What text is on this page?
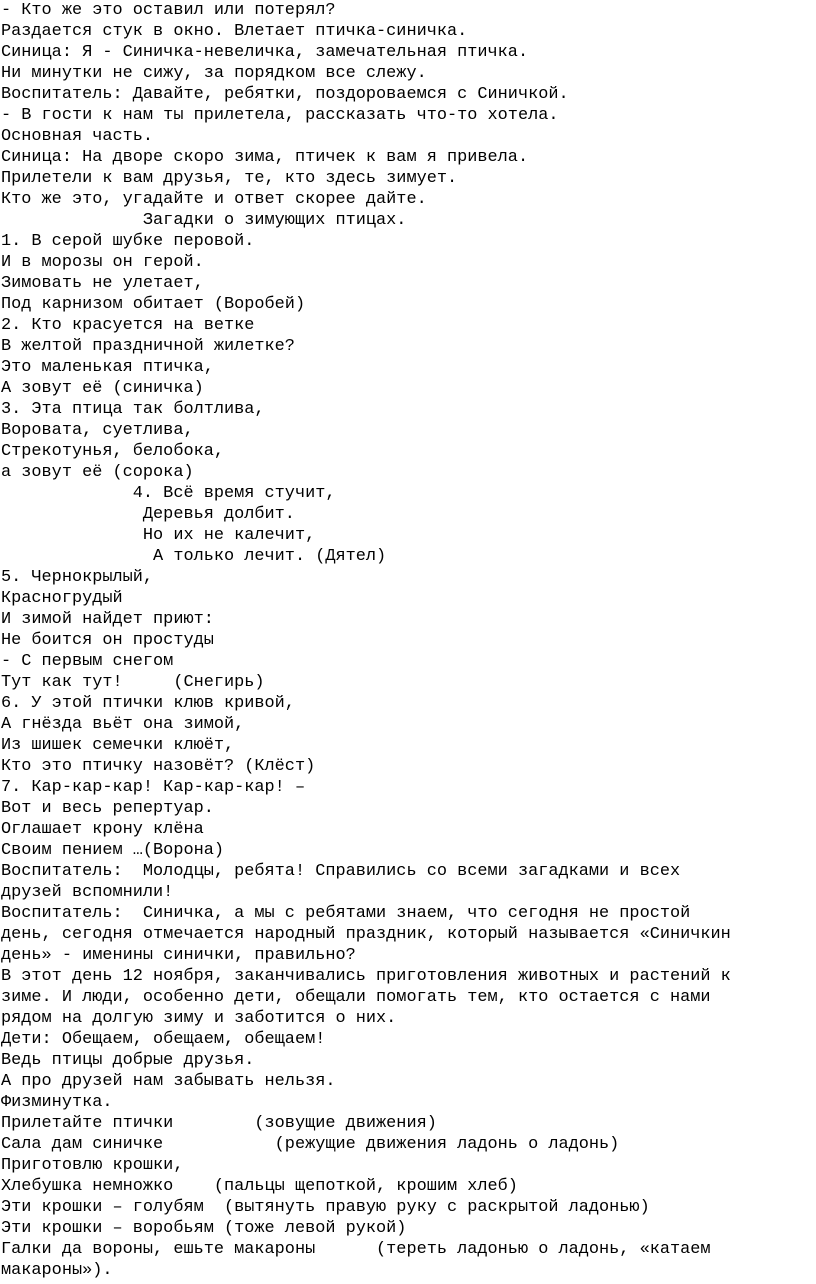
- Кто же это оставил или потерял?
Раздается стук в окно. Влетает птичка-синичка.
Синица: Я - Синичка-невеличка, замечательная птичка.
Ни минутки не сижу, за порядком все слежу.
Воспитатель: Давайте, ребятки, поздороваемся с Синичкой.
- В гости к нам ты прилетела, рассказать что-то хотела.
Основная часть.
Синица: На дворе скоро зима, птичек к вам я привела.
Прилетели к вам друзья, те, кто здесь зимует.
Кто же это, угадайте и ответ скорее дайте.
Загадки о зимующих птицах.
1. В серой шубке перовой.
И в морозы он герой.
Зимовать не улетает,
Под карнизом обитает (Воробей)
2. Кто красуется на ветке
В желтой праздничной жилетке?
Это маленькая птичка,
А зовут её (синичка)
3. Эта птица так болтлива,
Воровата, суетлива,
Стрекотунья, белобока,
а зовут её (сорока)
4. Всё время стучит,
Деревья долбит.
Но их не калечит,
А только лечит. (Дятел)
5. Чернокрылый,
Красногрудый
И зимой найдет приют:
Не боится он простуды
- С первым снегом
Тут как тут!     (Снегирь)
6. У этой птички клюв кривой,
А гнёзда вьёт она зимой,
Из шишек семечки клюёт,
Кто это птичку назовёт? (Клёст)
7. Кар-кар-кар! Кар-кар-кар! –
Вот и весь репертуар.
Оглашает крону клёна
Своим пением …(Ворона)
Воспитатель:  Молодцы, ребята! Справились со всеми загадками и всех
друзей вспомнили!
Воспитатель:  Синичка, а мы с ребятами знаем, что сегодня не простой
день, сегодня отмечается народный праздник, который называется «Синичкин
день» - именины синички, правильно?
В этот день 12 ноября, заканчивались приготовления животных и растений к
зиме. И люди, особенно дети, обещали помогать тем, кто остается с нами
рядом на долгую зиму и заботится о них.
Дети: Обещаем, обещаем, обещаем!
Ведь птицы добрые друзья.
А про друзей нам забывать нельзя.
Физминутка.
Прилетайте птички        (зовущие движения)
Сала дам синичке           (режущие движения ладонь о ладонь)
Приготовлю крошки,
Хлебушка немножко    (пальцы щепоткой, крошим хлеб)
Эти крошки – голубям  (вытянуть правую руку с раскрытой ладонью)
Эти крошки – воробьям (тоже левой рукой)
Галки да вороны, ешьте макароны      (тереть ладонью о ладонь, «катаем
макароны»).
